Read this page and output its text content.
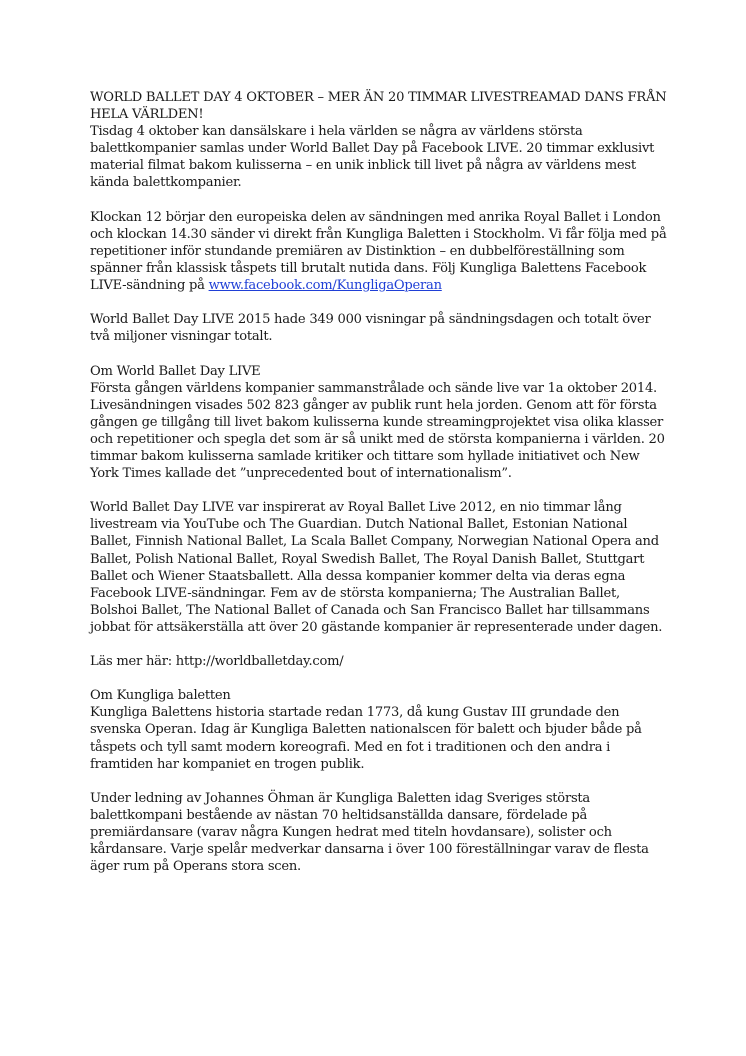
WORLD BALLET DAY 4 OKTOBER – MER ÄN 20 TIMMAR LIVESTREAMAD DANS FRÅN HELA VÄRLDEN!

Tisdag 4 oktober kan dansälskare i hela världen se några av världens största balettkompanier samlas under World Ballet Day på Facebook LIVE. 20 timmar exklusivt material filmat bakom kulisserna – en unik inblick till livet på några av världens mest kända balettkompanier.

Klockan 12 börjar den europeiska delen av sändningen med anrika Royal Ballet i London och klockan 14.30 sänder vi direkt från Kungliga Baletten i Stockholm. Vi får följa med på repetitioner inför stundande premiären av Distinktion – en dubbelföreställning som spänner från klassisk tåspets till brutalt nutida dans. Följ Kungliga Balettens Facebook LIVE-sändning på www.facebook.com/KungligaOperan

World Ballet Day LIVE 2015 hade 349 000 visningar på sändningsdagen och totalt över två miljoner visningar totalt.

Om World Ballet Day LIVE

Första gången världens kompanier sammanstrålade och sände live var 1a oktober 2014. Livesändningen visades 502 823 gånger av publik runt hela jorden. Genom att för första gången ge tillgång till livet bakom kulisserna kunde streamingprojektet visa olika klasser och repetitioner och spegla det som är så unikt med de största kompanierna i världen. 20 timmar bakom kulisserna samlade kritiker och tittare som hyllade initiativet och New York Times kallade det ”unprecedented bout of internationalism”.

World Ballet Day LIVE var inspirerat av Royal Ballet Live 2012, en nio timmar lång livestream via YouTube och The Guardian. Dutch National Ballet, Estonian National Ballet, Finnish National Ballet, La Scala Ballet Company, Norwegian National Opera and Ballet, Polish National Ballet, Royal Swedish Ballet, The Royal Danish Ballet, Stuttgart Ballet och Wiener Staatsballett. Alla dessa kompanier kommer delta via deras egna Facebook LIVE-sändningar. Fem av de största kompanierna; The Australian Ballet, Bolshoi Ballet, The National Ballet of Canada och San Francisco Ballet har tillsammans jobbat för attsäkerställa att över 20 gästande kompanier är representerade under dagen.

Läs mer här: http://worldballetday.com/

Om Kungliga baletten

Kungliga Balettens historia startade redan 1773, då kung Gustav III grundade den svenska Operan. Idag är Kungliga Baletten nationalscen för balett och bjuder både på tåspets och tyll samt modern koreografi. Med en fot i traditionen och den andra i framtiden har kompaniet en trogen publik.

Under ledning av Johannes Öhman är Kungliga Baletten idag Sveriges största balettkompani bestående av nästan 70 heltidsanställda dansare, fördelade på premiärdansare (varav några Kungen hedrat med titeln hovdansare), solister och kårdansare. Varje spelår medverkar dansarna i över 100 föreställningar varav de flesta äger rum på Operans stora scen.
